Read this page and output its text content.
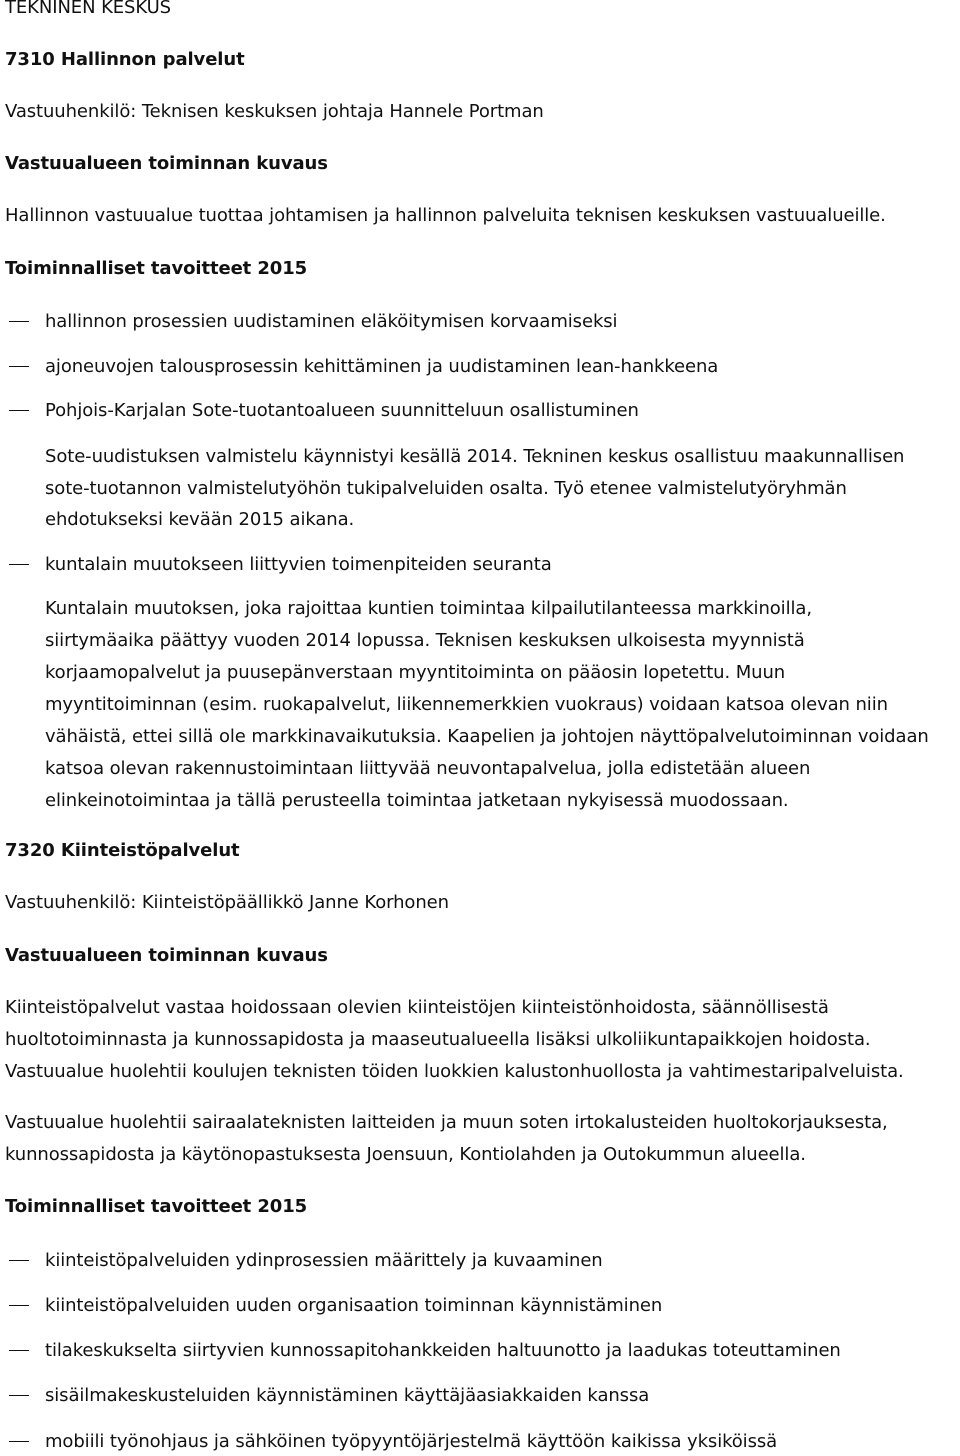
TEKNINEN KESKUS
7310 Hallinnon palvelut
Vastuuhenkilö: Teknisen keskuksen johtaja Hannele Portman
Vastuualueen toiminnan kuvaus
Hallinnon vastuualue tuottaa johtamisen ja hallinnon palveluita teknisen keskuksen vastuualueille.
Toiminnalliset tavoitteet 2015
hallinnon prosessien uudistaminen eläköitymisen korvaamiseksi
ajoneuvojen talousprosessin kehittäminen ja uudistaminen lean-hankkeena
Pohjois-Karjalan Sote-tuotantoalueen suunnitteluun osallistuminen
Sote-uudistuksen valmistelu käynnistyi kesällä 2014. Tekninen keskus osallistuu maakunnallisen
sote-tuotannon valmistelutyöhön tukipalveluiden osalta. Työ etenee valmistelutyöryhmän
ehdotukseksi kevään 2015 aikana.
kuntalain muutokseen liittyvien toimenpiteiden seuranta
Kuntalain muutoksen, joka rajoittaa kuntien toimintaa kilpailutilanteessa markkinoilla,
siirtymäaika päättyy vuoden 2014 lopussa. Teknisen keskuksen ulkoisesta myynnistä
korjaamopalvelut ja puusepänverstaan myyntitoiminta on pääosin lopetettu. Muun
myyntitoiminnan (esim. ruokapalvelut, liikennemerkkien vuokraus) voidaan katsoa olevan niin
vähäistä, ettei sillä ole markkinavaikutuksia. Kaapelien ja johtojen näyttöpalvelutoiminnan voidaan
katsoa olevan rakennustoimintaan liittyvää neuvontapalvelua, jolla edistetään alueen
elinkeinotoimintaa ja tällä perusteella toimintaa jatketaan nykyisessä muodossaan.
7320 Kiinteistöpalvelut
Vastuuhenkilö: Kiinteistöpäällikkö Janne Korhonen
Vastuualueen toiminnan kuvaus
Kiinteistöpalvelut vastaa hoidossaan olevien kiinteistöjen kiinteistönhoidosta, säännöllisestä
huoltotoiminnasta ja kunnossapidosta ja maaseutualueella lisäksi ulkoliikuntapaikkojen hoidosta.
Vastuualue huolehtii koulujen teknisten töiden luokkien kalustonhuollosta ja vahtimestaripalveluista.
Vastuualue huolehtii sairaalateknisten laitteiden ja muun soten irtokalusteiden huoltokorjauksesta,
kunnossapidosta ja käytönopastuksesta Joensuun, Kontiolahden ja Outokummun alueella.
Toiminnalliset tavoitteet 2015
kiinteistöpalveluiden ydinprosessien määrittely ja kuvaaminen
kiinteistöpalveluiden uuden organisaation toiminnan käynnistäminen
tilakeskukselta siirtyvien kunnossapitohankkeiden haltuunotto ja laadukas toteuttaminen
sisäilmakeskusteluiden käynnistäminen käyttäjäasiakkaiden kanssa
mobiili työnohjaus ja sähköinen työpyyntöjärjestelmä käyttöön kaikissa yksiköissä
